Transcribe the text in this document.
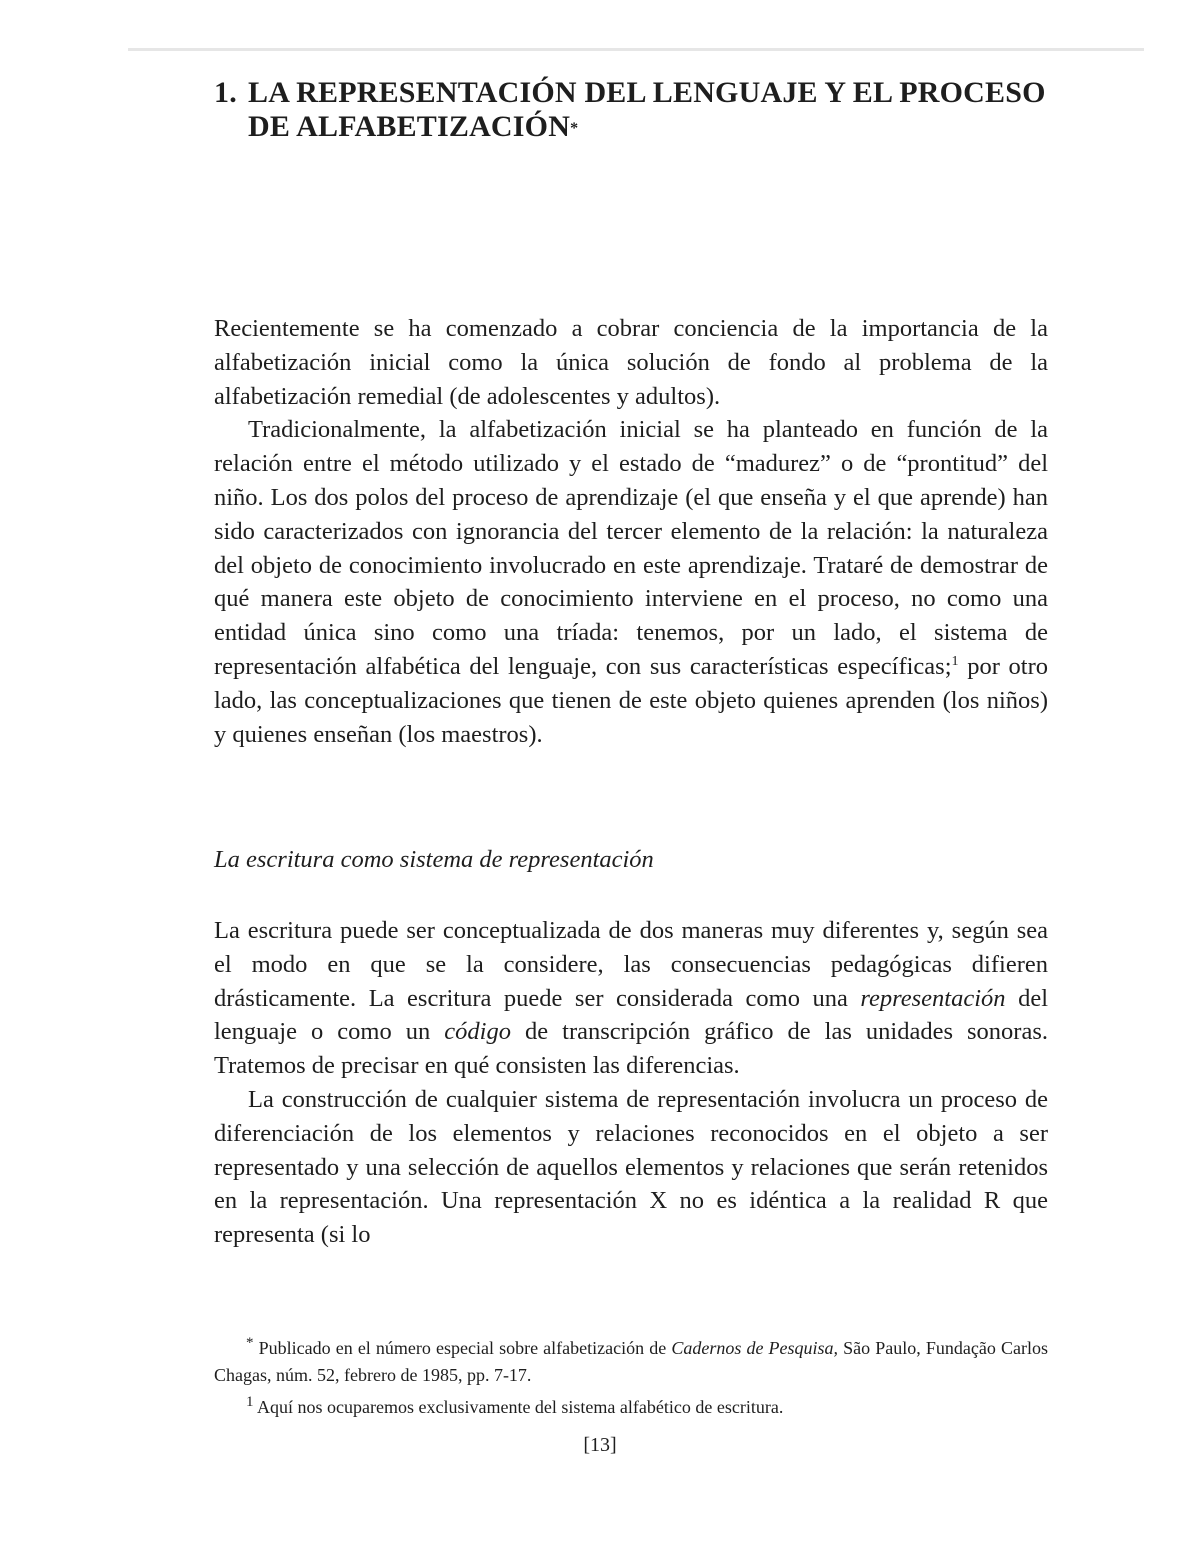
1. LA REPRESENTACIÓN DEL LENGUAJE Y EL PROCESO
DE ALFABETIZACIÓN*

Recientemente se ha comenzado a cobrar conciencia de la importancia de la alfabetización inicial como la única solución de fondo al problema de la alfabetización remedial (de adolescentes y adultos).

Tradicionalmente, la alfabetización inicial se ha planteado en función de la relación entre el método utilizado y el estado de “madurez” o de “prontitud” del niño. Los dos polos del proceso de aprendizaje (el que enseña y el que aprende) han sido caracterizados con ignorancia del tercer elemento de la relación: la naturaleza del objeto de conocimiento involucrado en este aprendizaje. Trataré de demostrar de qué manera este objeto de conocimiento interviene en el proceso, no como una entidad única sino como una tríada: tenemos, por un lado, el sistema de representación alfabética del lenguaje, con sus características específicas;$^1$ por otro lado, las conceptualizaciones que tienen de este objeto quienes aprenden (los niños) y quienes enseñan (los maestros).

La escritura como sistema de representación

La escritura puede ser conceptualizada de dos maneras muy diferentes y, según sea el modo en que se la considere, las consecuencias pedagógicas difieren drásticamente. La escritura puede ser considerada como una representación del lenguaje o como un código de transcripción gráfico de las unidades sonoras. Tratemos de precisar en qué consisten las diferencias.

La construcción de cualquier sistema de representación involucra un proceso de diferenciación de los elementos y relaciones reconocidos en el objeto a ser representado y una selección de aquellos elementos y relaciones que serán retenidos en la representación. Una representación X no es idéntica a la realidad R que representa (si lo

* Publicado en el número especial sobre alfabetización de Cadernos de Pesquisa, São Paulo, Fundação Carlos Chagas, núm. 52, febrero de 1985, pp. 7-17.

$^1$ Aquí nos ocuparemos exclusivamente del sistema alfabético de escritura.

[13]
